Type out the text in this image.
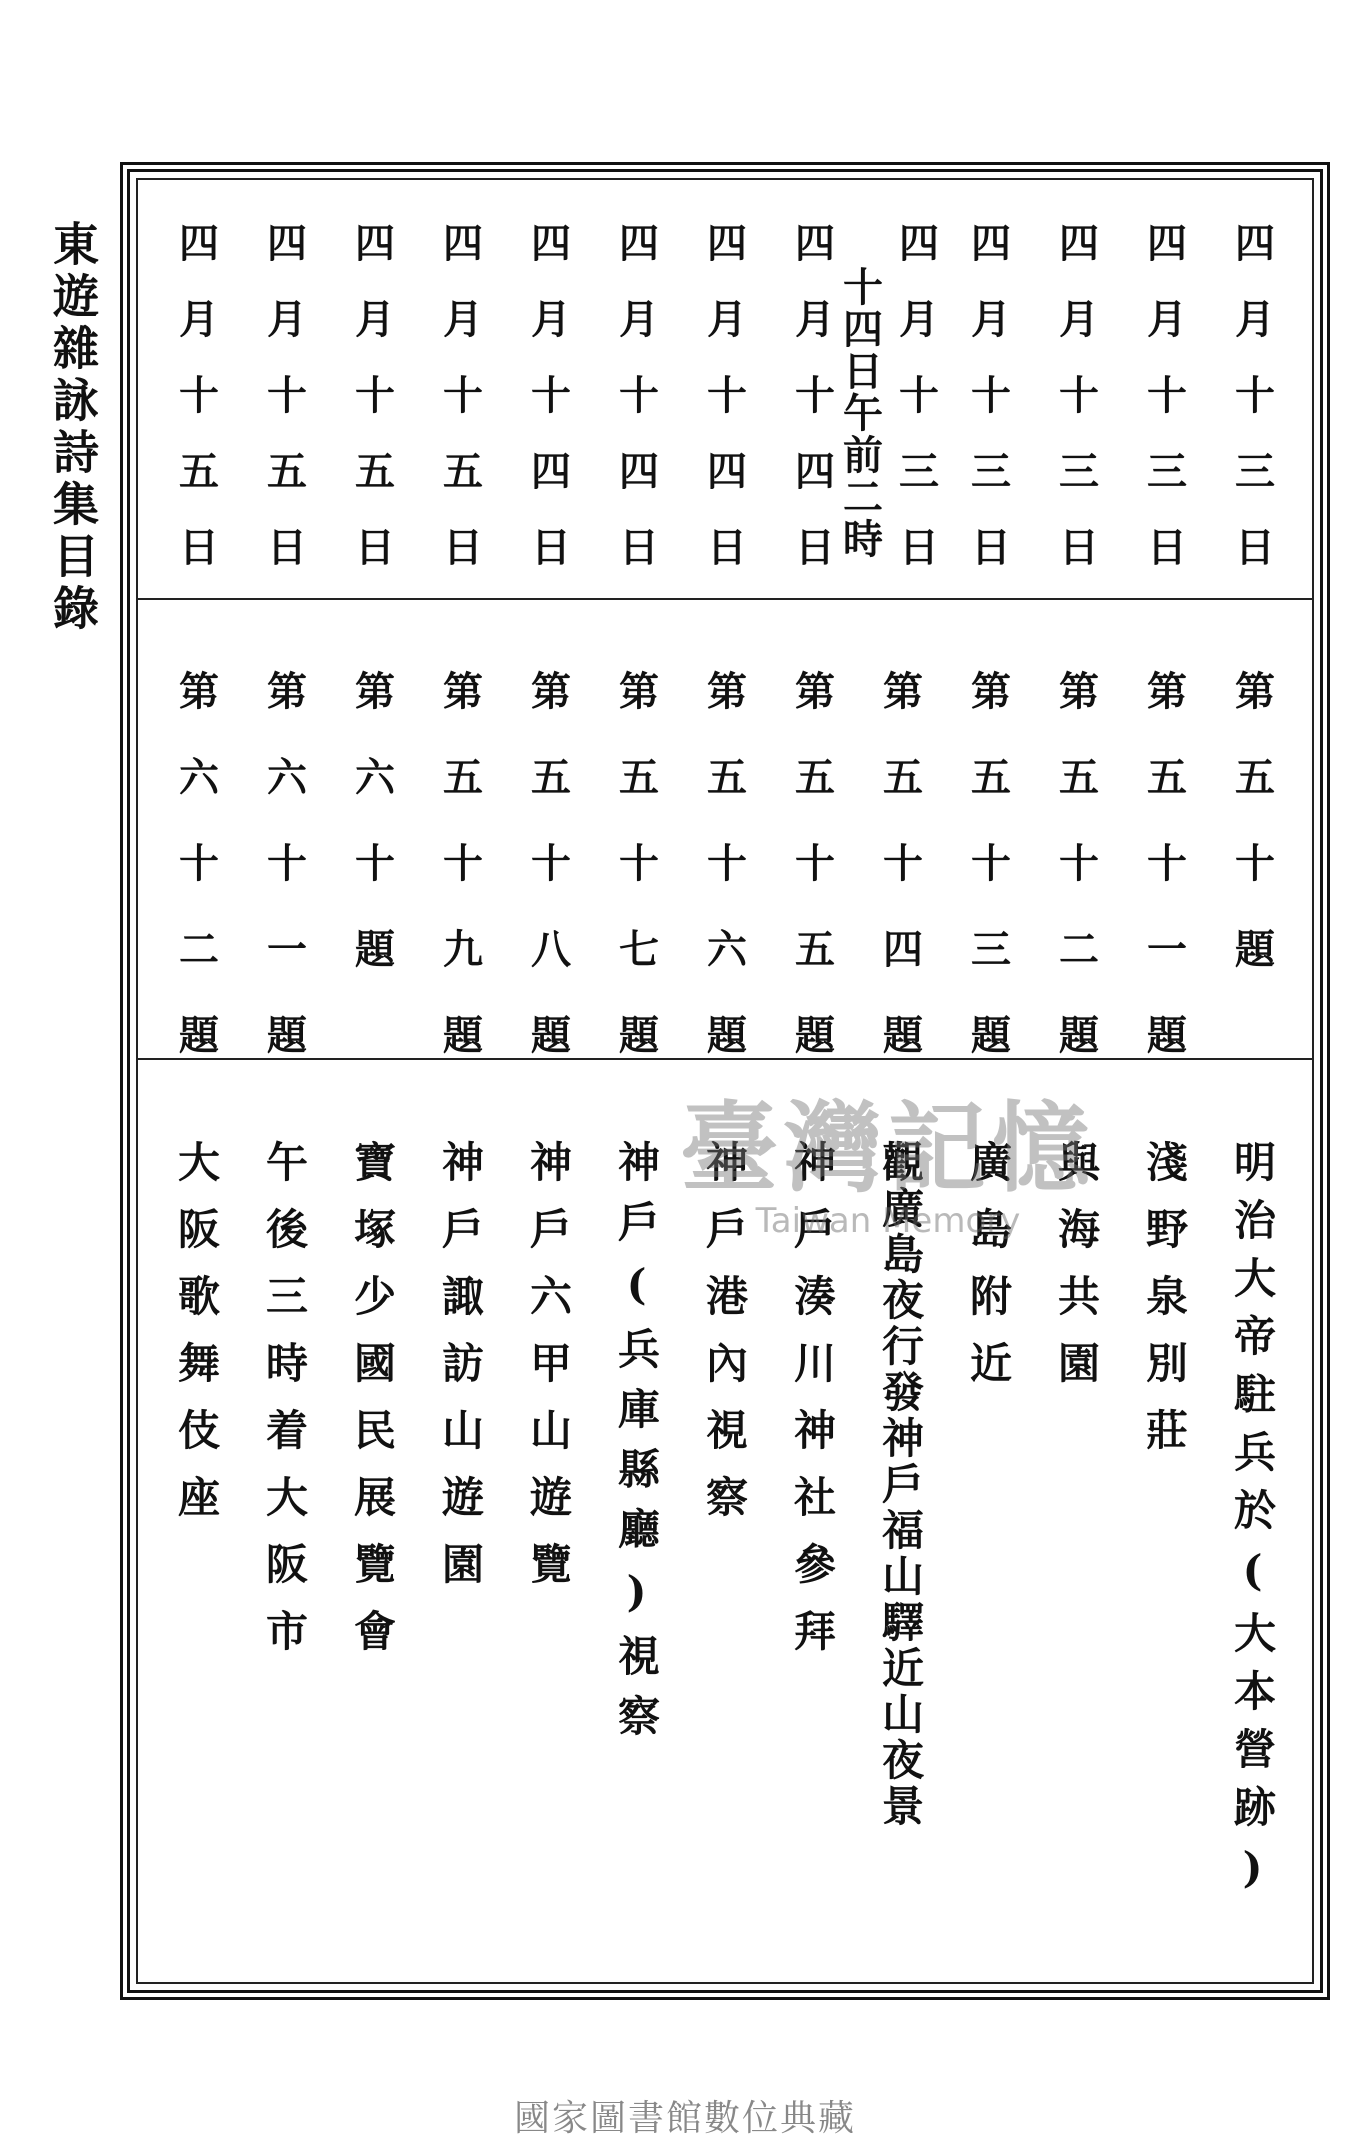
東遊雜詠詩集目錄	四月十三日
四月十三日
四月十三日
四月十三日
四月十三日
十四日午前二時
四月十四日
四月十四日
四月十四日
四月十四日
四月十五日
四月十五日
四月十五日
四月十五日
第五十題
第五十一題
第五十二題
第五十三題
第五十四題
第五十五題
第五十六題
第五十七題
第五十八題
第五十九題
第六十題
第六十一題
第六十二題
明治大帝駐兵於(大本營跡)
淺野泉別莊
與海共園
廣島附近
觀廣島夜行發神戶福山驛近山夜景
神戶湊川神社參拜
神戶港內視察
神戶(兵庫縣廳)視察
神戶六甲山遊覽
神戶諏訪山遊園
寶塚少國民展覽會
午後三時着大阪市
大阪歌舞伎座	臺灣記憶
Taiwan Memory
國家圖書館數位典藏
